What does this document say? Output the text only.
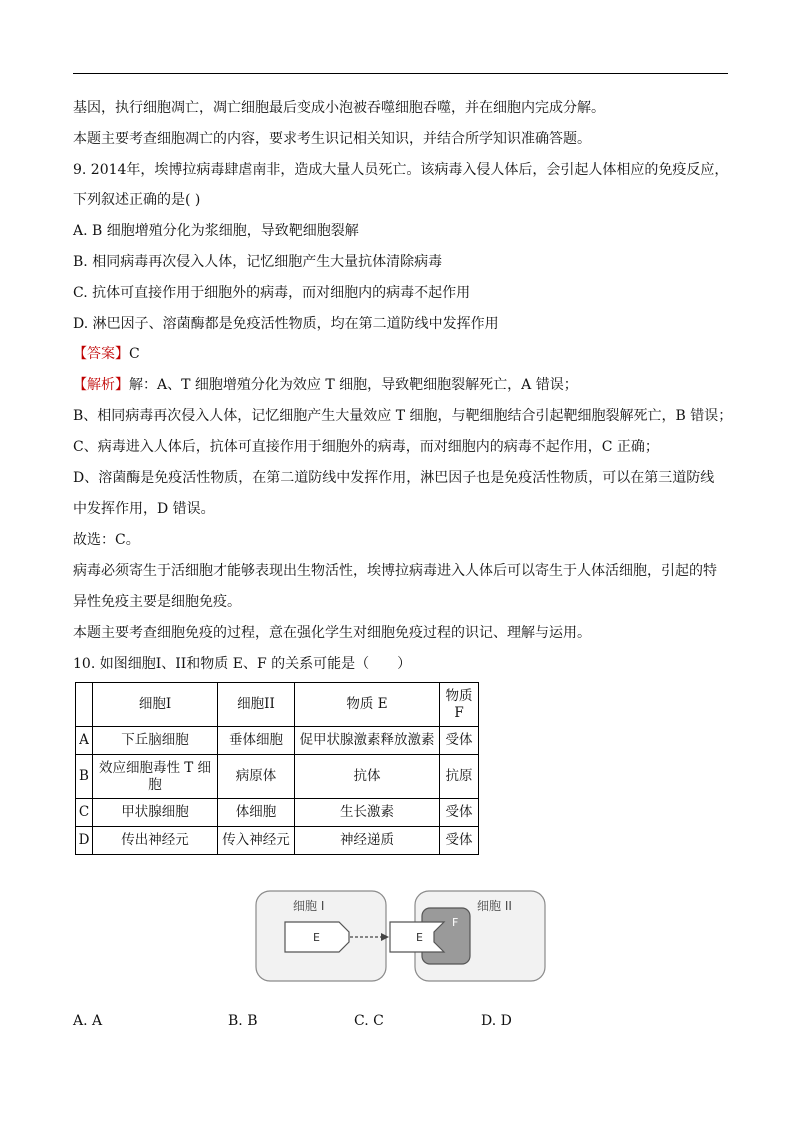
基因，执行细胞凋亡，凋亡细胞最后变成小泡被吞噬细胞吞噬，并在细胞内完成分解。
本题主要考查细胞凋亡的内容，要求考生识记相关知识，并结合所学知识准确答题。
9. 2014年，埃博拉病毒肆虐南非，造成大量人员死亡。该病毒入侵人体后，会引起人体相应的免疫反应，
下列叙述正确的是( )
A. B 细胞增殖分化为浆细胞，导致靶细胞裂解
B. 相同病毒再次侵入人体，记忆细胞产生大量抗体清除病毒
C. 抗体可直接作用于细胞外的病毒，而对细胞内的病毒不起作用
D. 淋巴因子、溶菌酶都是免疫活性物质，均在第二道防线中发挥作用
【答案】C
【解析】解：A、T 细胞增殖分化为效应 T 细胞，导致靶细胞裂解死亡，A 错误；
B、相同病毒再次侵入人体，记忆细胞产生大量效应 T 细胞，与靶细胞结合引起靶细胞裂解死亡，B 错误；
C、病毒进入人体后，抗体可直接作用于细胞外的病毒，而对细胞内的病毒不起作用，C 正确；
D、溶菌酶是免疫活性物质，在第二道防线中发挥作用，淋巴因子也是免疫活性物质，可以在第三道防线
中发挥作用，D 错误。
故选：C。
病毒必须寄生于活细胞才能够表现出生物活性，埃博拉病毒进入人体后可以寄生于人体活细胞，引起的特
异性免疫主要是细胞免疫。
本题主要考查细胞免疫的过程，意在强化学生对细胞免疫过程的识记、理解与运用。
10. 如图细胞I、II和物质 E、F 的关系可能是（　　）
	细胞I	细胞II	物质 E	物质F
A	下丘脑细胞	垂体细胞	促甲状腺激素释放激素	受体
B	效应细胞毒性 T 细胞	病原体	抗体	抗原
C	甲状腺细胞	体细胞	生长激素	受体
D	传出神经元	传入神经元	神经递质	受体
细胞 I
E
细胞 II
F
E
A. A	B. B	C. C	D. D
